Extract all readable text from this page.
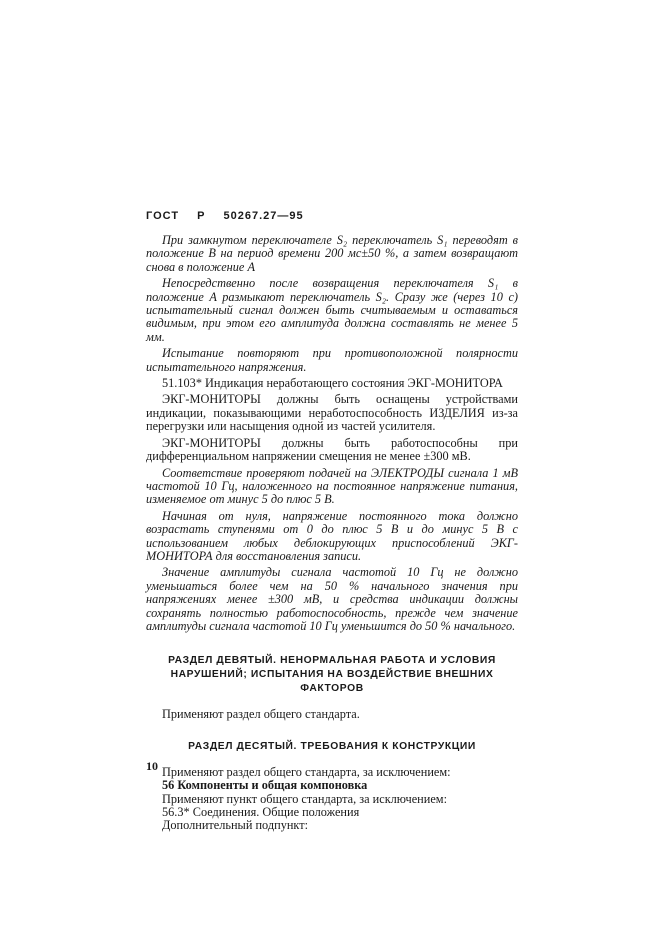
ГОСТ Р 50267.27—95

При замкнутом переключателе S₂ переключатель S₁ переводят в положение B на период времени 200 мс±50 %, а затем возвращают снова в положение A

Непосредственно после возвращения переключателя S₁ в положение A размыкают переключатель S₂. Сразу же (через 10 с) испытательный сигнал должен быть считываемым и оставаться видимым, при этом его амплитуда должна составлять не менее 5 мм.

Испытание повторяют при противоположной полярности испытательного напряжения.

51.103* Индикация неработающего состояния ЭКГ-МОНИТОРА

ЭКГ-МОНИТОРЫ должны быть оснащены устройствами индикации, показывающими неработоспособность ИЗДЕЛИЯ из-за перегрузки или насыщения одной из частей усилителя.

ЭКГ-МОНИТОРЫ должны быть работоспособны при дифференциальном напряжении смещения не менее ±300 мВ.

Соответствие проверяют подачей на ЭЛЕКТРОДЫ сигнала 1 мВ частотой 10 Гц, наложенного на постоянное напряжение питания, изменяемое от минус 5 до плюс 5 В.

Начиная от нуля, напряжение постоянного тока должно возрастать ступенями от 0 до плюс 5 В и до минус 5 В с использованием любых деблокирующих приспособлений ЭКГ-МОНИТОРА для восстановления записи.

Значение амплитуды сигнала частотой 10 Гц не должно уменьшаться более чем на 50 % начального значения при напряжениях менее ±300 мВ, и средства индикации должны сохранять полностью работоспособность, прежде чем значение амплитуды сигнала частотой 10 Гц уменьшится до 50 % начального.

РАЗДЕЛ ДЕВЯТЫЙ. НЕНОРМАЛЬНАЯ РАБОТА И УСЛОВИЯ НАРУШЕНИЙ; ИСПЫТАНИЯ НА ВОЗДЕЙСТВИЕ ВНЕШНИХ ФАКТОРОВ

Применяют раздел общего стандарта.

РАЗДЕЛ ДЕСЯТЫЙ. ТРЕБОВАНИЯ К КОНСТРУКЦИИ

Применяют раздел общего стандарта, за исключением:

56 Компоненты и общая компоновка

Применяют пункт общего стандарта, за исключением:

56.3* Соединения. Общие положения

Дополнительный подпункт:

10
